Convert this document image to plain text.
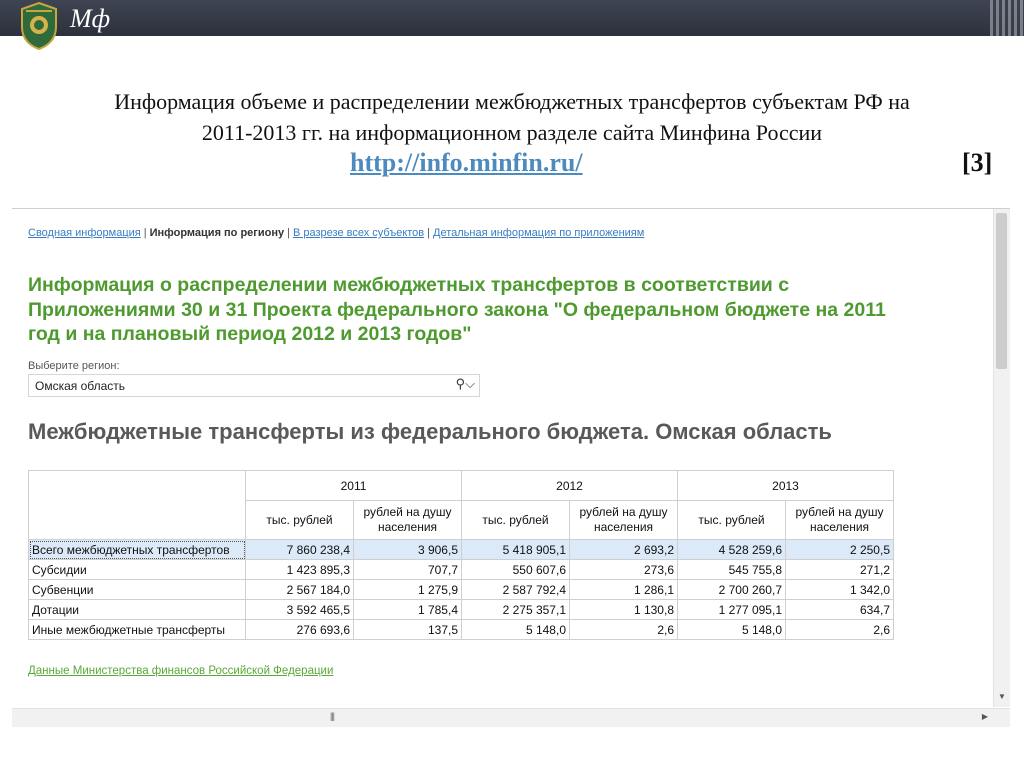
Мф
Информация объеме и распределении межбюджетных трансфертов субъектам РФ на
2011-2013 гг. на информационном разделе сайта Минфина России
http://info.minfin.ru/	[3]
Сводная информация | Информация по региону | В разрезе всех субъектов | Детальная информация по приложениям
Информация о распределении межбюджетных трансфертов в соответствии с
Приложениями 30 и 31 Проекта федерального закона "О федеральном бюджете на 2011
год и на плановый период 2012 и 2013 годов"
Выберите регион:
Омская область	⚲⌵
Межбюджетные трансферты из федерального бюджета. Омская область
	2011		2012		2013	
	тыс. рублей	рублей на душу населения	тыс. рублей	рублей на душу населения	тыс. рублей	рублей на душу населения
Всего межбюджетных трансфертов	7 860 238,4	3 906,5	5 418 905,1	2 693,2	4 528 259,6	2 250,5
Субсидии	1 423 895,3	707,7	550 607,6	273,6	545 755,8	271,2
Субвенции	2 567 184,0	1 275,9	2 587 792,4	1 286,1	2 700 260,7	1 342,0
Дотации	3 592 465,5	1 785,4	2 275 357,1	1 130,8	1 277 095,1	634,7
Иные межбюджетные трансферты	276 693,6	137,5	5 148,0	2,6	5 148,0	2,6
Данные Министерства финансов Российской Федерации
▼
|||	▶
